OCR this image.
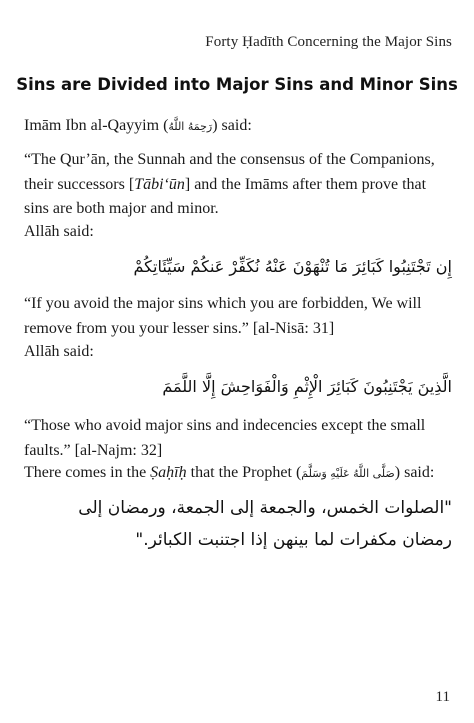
Forty Ḥadīth Concerning the Major Sins
Sins are Divided into Major Sins and Minor Sins
Imām Ibn al-Qayyim (رَحِمَهُ اللَّهُ) said:
“The Qur’ān, the Sunnah and the consensus of the Companions, their successors [Tābi‘ūn] and the Imāms after them prove that sins are both major and minor.
Allāh said:
إِن تَجْتَنِبُوا كَبَائِرَ مَا تُنْهَوْنَ عَنْهُ نُكَفِّرْ عَنكُمْ سَيِّئَاتِكُمْ
“If you avoid the major sins which you are forbidden, We will remove from you your lesser sins.” [al-Nisā: 31]
Allāh said:
الَّذِينَ يَجْتَنِبُونَ كَبَائِرَ الْإِثْمِ وَالْفَوَاحِشَ إِلَّا اللَّمَمَ
“Those who avoid major sins and indecencies except the small faults.” [al-Najm: 32]
There comes in the Ṣaḥīḥ that the Prophet (صَلَّى اللَّهُ عَلَيْهِ وَسَلَّمَ) said:
"الصلوات الخمس، والجمعة إلى الجمعة، ورمضان إلى رمضان مكفرات لما بينهن إذا اجتنبت الكبائر."
11
